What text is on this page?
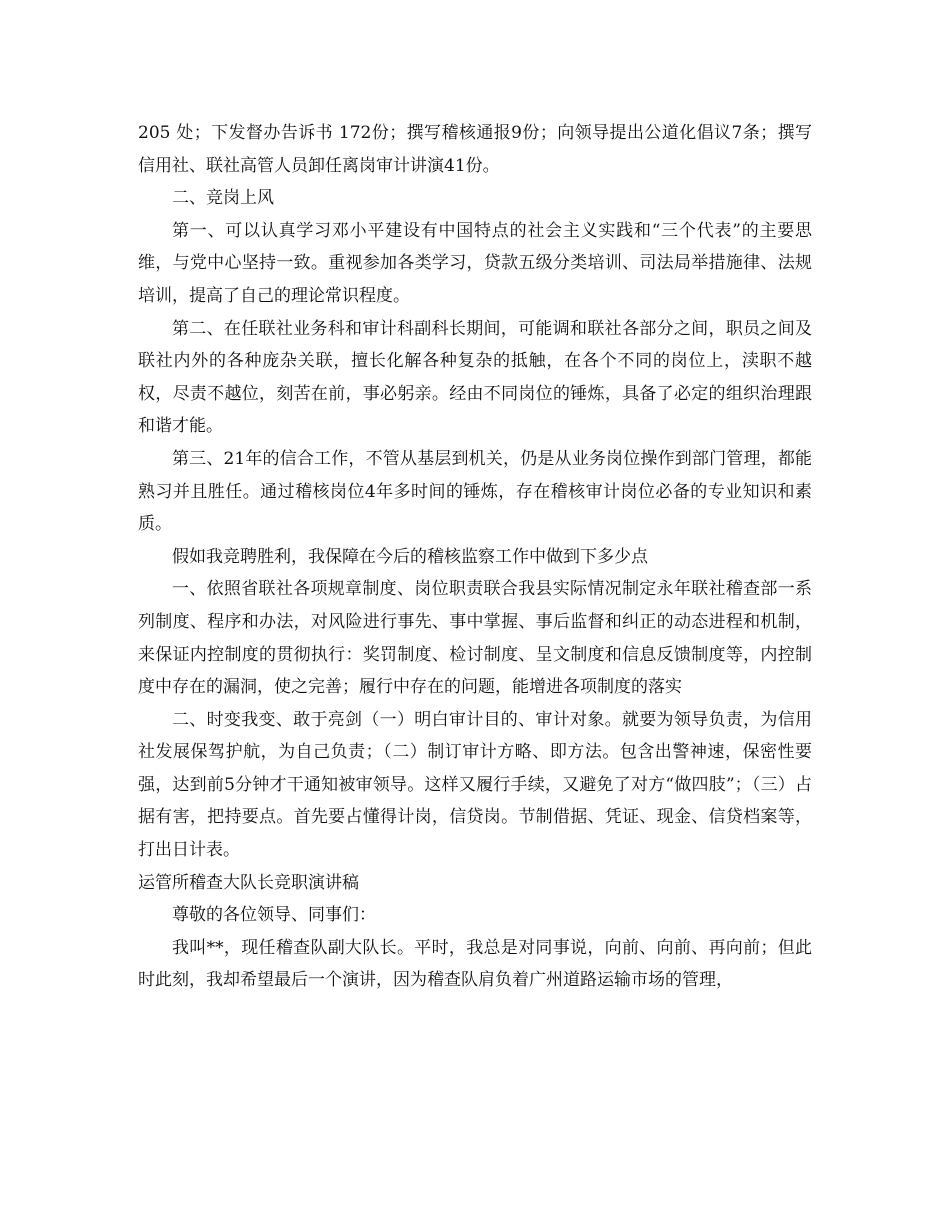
205 处；下发督办告诉书 172份；撰写稽核通报9份；向领导提出公道化倡议7条；撰写信用社、联社高管人员卸任离岗审计讲演41份。

二、竞岗上风

第一、可以认真学习邓小平建设有中国特点的社会主义实践和“三个代表”的主要思维，与党中心坚持一致。重视参加各类学习，贷款五级分类培训、司法局举措施律、法规培训，提高了自己的理论常识程度。

第二、在任联社业务科和审计科副科长期间，可能调和联社各部分之间，职员之间及联社内外的各种庞杂关联，擅长化解各种复杂的抵触，在各个不同的岗位上，渎职不越权，尽责不越位，刻苦在前，事必躬亲。经由不同岗位的锤炼，具备了必定的组织治理跟和谐才能。

第三、21年的信合工作，不管从基层到机关，仍是从业务岗位操作到部门管理，都能熟习并且胜任。通过稽核岗位4年多时间的锤炼，存在稽核审计岗位必备的专业知识和素质。

假如我竞聘胜利，我保障在今后的稽核监察工作中做到下多少点

一、依照省联社各项规章制度、岗位职责联合我县实际情况制定永年联社稽查部一系列制度、程序和办法，对风险进行事先、事中掌握、事后监督和纠正的动态进程和机制，来保证内控制度的贯彻执行：奖罚制度、检讨制度、呈文制度和信息反馈制度等，内控制度中存在的漏洞，使之完善；履行中存在的问题，能增进各项制度的落实

二、时变我变、敢于亮剑（一）明白审计目的、审计对象。就要为领导负责，为信用社发展保驾护航，为自己负责；（二）制订审计方略、即方法。包含出警神速，保密性要强，达到前5分钟才干通知被审领导。这样又履行手续，又避免了对方“做四肢”；（三）占据有害，把持要点。首先要占懂得计岗，信贷岗。节制借据、凭证、现金、信贷档案等，打出日计表。

运管所稽查大队长竞职演讲稿

尊敬的各位领导、同事们：

我叫**，现任稽查队副大队长。平时，我总是对同事说，向前、向前、再向前；但此时此刻，我却希望最后一个演讲，因为稽查队肩负着广州道路运输市场的管理，
